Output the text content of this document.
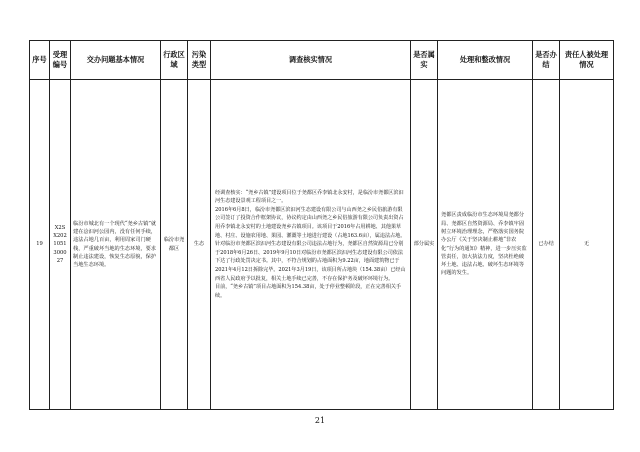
序号	受理编号	交办问题基本情况	行政区域	污染类型	调查核实情况	是否属实	处理和整改情况	是否办结	责任人被处理情况
19	X2SX2021051300027	临汾市城北有一个现代“尧乡古镇”就建在浍汩河公园内，没有任何手续，违法占地几百亩，利用周家司门硬栈，严重破坏当地的生态环境，要求制止违法建设，恢复生态原貌，保护当地生态环境。	临汾市尧都区	生态	经调查核实：“尧乡古镇”建设项目位于尧都区乔李镇北永安村，是临汾市尧都区滨汩河生态建设景观工程项目之一。
2016年6月8日，临汾市尧都区滨汩河生态建设有限公司与山西尧之乡民俗旅游有限公司签订了投资合作框架协议，协议约定由山西尧之乡民俗旅游有限公司负责出资占用乔李镇北永安村的土地建设尧乡古镇项目。该项目于2016年占用耕地、其他果草地、村庄、设施农用地、果园、灌溉等土地进行建设（占地163.6亩），属违法占地。针对临汾市尧都区滨汩河生态建设有限公司违法占地行为，尧都区自然资源局已分别于2018年6月26日、2019年9月10日对临汾市尧都区滨汩河生态建设有限公司依法下达了行政处罚决定书。其中，不符合规划的占地面积为9.22亩，地面建筑物已于2021年4月12日拆除完毕。2021年3月19日，该项目所占地块（154.38亩）已经山西省人民政府予以批复，相关土地手续已完善，不存在保护务及破坏环境行为。
目前，“尧乡古镇”项目占地面积为154.38亩，处于停业整顿阶段，正在完善相关手续。	部分属实	尧都区责成临汾市生态环境局尧都分局、尧都区自然资源局、乔李镇牢固树立环境治理理念，严格落实国务院办公厅《关于坚决制止耕地“非农化”行为的通知》精神，进一步压实监管责任，加大执法力度，坚决杜绝破坏土地、违法占地、破坏生态环境等问题的发生。	已办结	无
21
